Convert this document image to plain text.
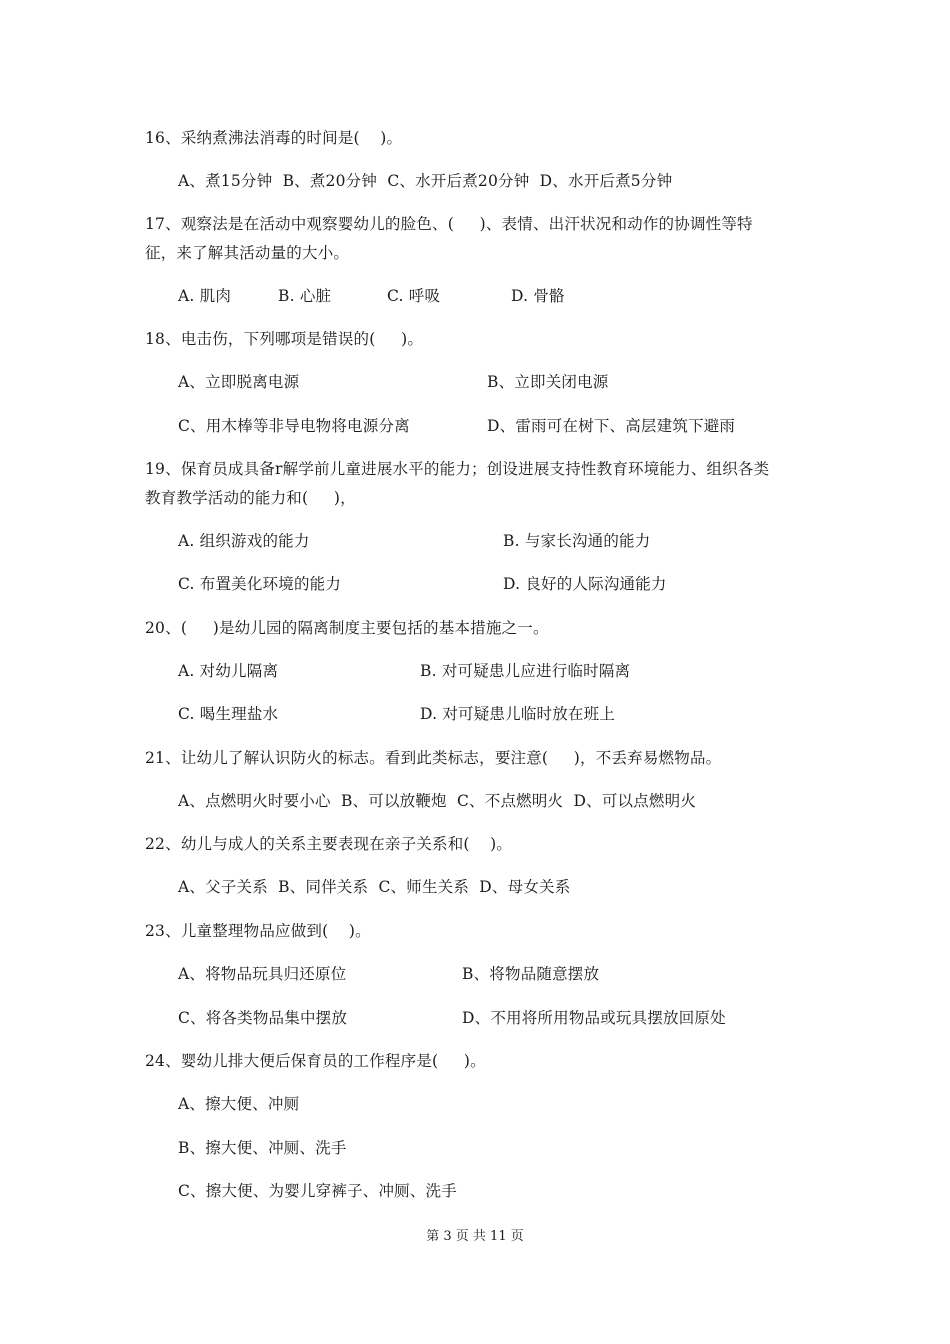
16、采纳煮沸法消毒的时间是(    )。
A、煮15分钟  B、煮20分钟  C、水开后煮20分钟  D、水开后煮5分钟
17、观察法是在活动中观察婴幼儿的脸色、(     )、表情、出汗状况和动作的协调性等特
征，来了解其活动量的大小。
A. 肌肉	B. 心脏	C. 呼吸	D. 骨骼
18、电击伤，下列哪项是错误的(     )。
A、立即脱离电源	B、立即关闭电源
C、用木棒等非导电物将电源分离	D、雷雨可在树下、高层建筑下避雨
19、保育员成具备r解学前儿童进展水平的能力；创设进展支持性教育环境能力、组织各类
教育教学活动的能力和(     )，
A. 组织游戏的能力	B. 与家长沟通的能力
C. 布置美化环境的能力	D. 良好的人际沟通能力
20、(     )是幼儿园的隔离制度主要包括的基本措施之一。
A. 对幼儿隔离	B. 对可疑患儿应进行临时隔离
C. 喝生理盐水	D. 对可疑患儿临时放在班上
21、让幼儿了解认识防火的标志。看到此类标志，要注意(     )，不丢弃易燃物品。
A、点燃明火时要小心  B、可以放鞭炮  C、不点燃明火  D、可以点燃明火
22、幼儿与成人的关系主要表现在亲子关系和(    )。
A、父子关系  B、同伴关系  C、师生关系  D、母女关系
23、儿童整理物品应做到(    )。
A、将物品玩具归还原位	B、将物品随意摆放
C、将各类物品集中摆放	D、不用将所用物品或玩具摆放回原处
24、婴幼儿排大便后保育员的工作程序是(     )。
A、擦大便、冲厕
B、擦大便、冲厕、洗手
C、擦大便、为婴儿穿裤子、冲厕、洗手
第 3 页 共 11 页
